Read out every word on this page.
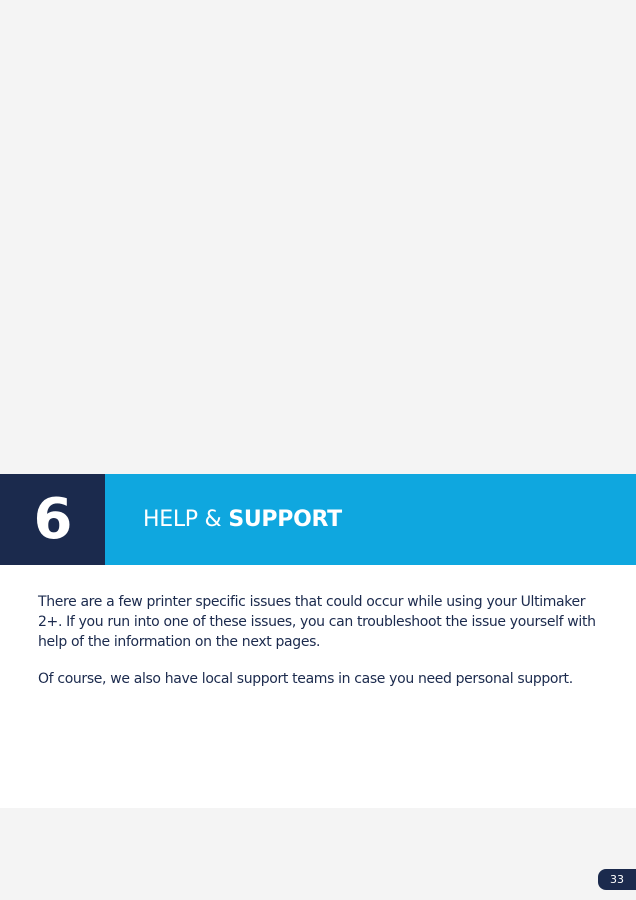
6	HELP & SUPPORT

There are a few printer specific issues that could occur while using your Ultimaker 2+. If you run into one of these issues, you can troubleshoot the issue yourself with help of the information on the next pages.

Of course, we also have local support teams in case you need personal support.

33
